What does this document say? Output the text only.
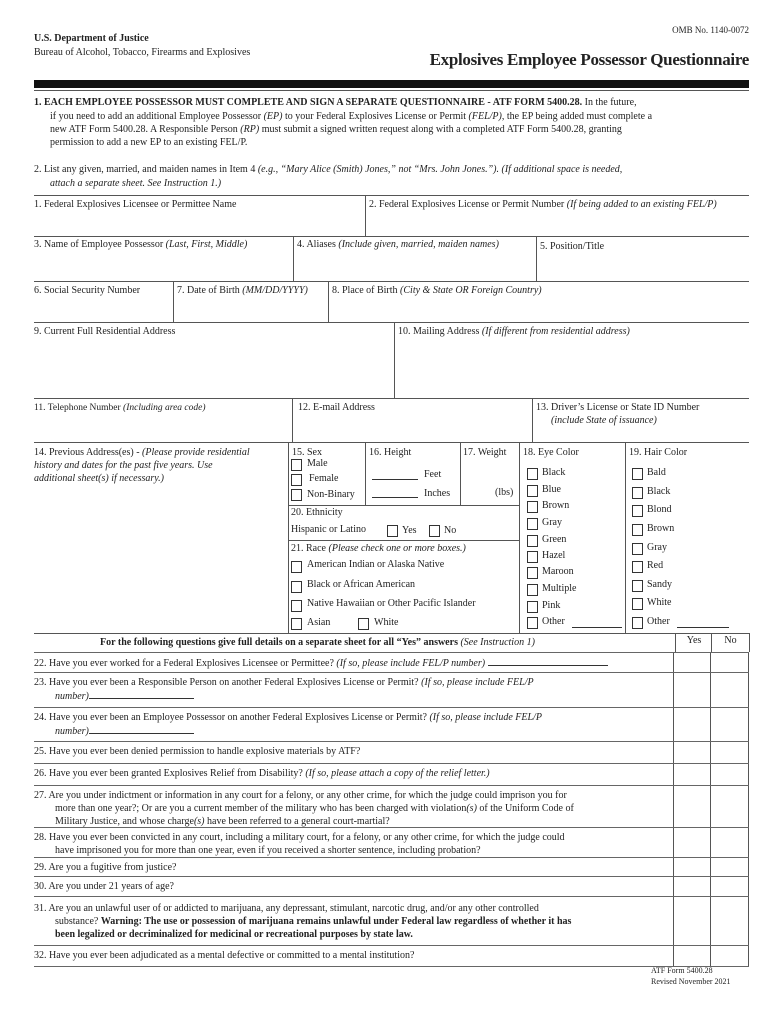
OMB No. 1140-0072
U.S. Department of Justice
Bureau of Alcohol, Tobacco, Firearms and Explosives	Explosives Employee Possessor Questionnaire
1. EACH EMPLOYEE POSSESSOR MUST COMPLETE AND SIGN A SEPARATE QUESTIONNAIRE - ATF FORM 5400.28. In the future,
if you need to add an additional Employee Possessor (EP) to your Federal Explosives License or Permit (FEL/P), the EP being added must complete a
new ATF Form 5400.28. A Responsible Person (RP) must submit a signed written request along with a completed ATF Form 5400.28, granting
permission to add a new EP to an existing FEL/P.
2. List any given, married, and maiden names in Item 4 (e.g., “Mary Alice (Smith) Jones,” not “Mrs. John Jones.”). (If additional space is needed,
attach a separate sheet. See Instruction 1.)
1. Federal Explosives Licensee or Permittee Name	2. Federal Explosives License or Permit Number (If being added to an existing FEL/P)
3. Name of Employee Possessor (Last, First, Middle)	4. Aliases (Include given, married, maiden names)	5. Position/Title
6. Social Security Number	7. Date of Birth (MM/DD/YYYY) 8. Place of Birth (City & State OR Foreign Country)
9. Current Full Residential Address	10. Mailing Address (If different from residential address)
11. Telephone Number (Including area code)	12. E-mail Address	13. Driver’s License or State ID Number
(include State of issuance)
14. Previous Address(es) - (Please provide residential
history and dates for the past five years. Use
additional sheet(s) if necessary.)
15. Sex
Male
Female
Non-Binary
16. Height
Feet
Inches
17. Weight
(lbs)
20. Ethnicity
Hispanic or Latino	Yes	No
21. Race (Please check one or more boxes.)
American Indian or Alaska Native
Black or African American
Native Hawaiian or Other Pacific Islander
Asian	White
18. Eye Color
Black
Blue
Brown
Gray
Green
Hazel
Maroon
Multiple
Pink
Other
19. Hair Color
Bald
Black
Blond
Brown
Gray
Red
Sandy
White
Other
For the following questions give full details on a separate sheet for all “Yes” answers (See Instruction 1)	Yes	No
22. Have you ever worked for a Federal Explosives Licensee or Permittee? (If so, please include FEL/P number)
23. Have you ever been a Responsible Person on another Federal Explosives License or Permit? (If so, please include FEL/P
number)
24. Have you ever been an Employee Possessor on another Federal Explosives License or Permit? (If so, please include FEL/P
number)
25. Have you ever been denied permission to handle explosive materials by ATF?
26. Have you ever been granted Explosives Relief from Disability? (If so, please attach a copy of the relief letter.)
27. Are you under indictment or information in any court for a felony, or any other crime, for which the judge could imprison you for
more than one year?; Or are you a current member of the military who has been charged with violation(s) of the Uniform Code of
Military Justice, and whose charge(s) have been referred to a general court-martial?
28. Have you ever been convicted in any court, including a military court, for a felony, or any other crime, for which the judge could
have imprisoned you for more than one year, even if you received a shorter sentence, including probation?
29. Are you a fugitive from justice?
30. Are you under 21 years of age?
31. Are you an unlawful user of or addicted to marijuana, any depressant, stimulant, narcotic drug, and/or any other controlled
substance? Warning: The use or possession of marijuana remains unlawful under Federal law regardless of whether it has
been legalized or decriminalized for medicinal or recreational purposes by state law.
32. Have you ever been adjudicated as a mental defective or committed to a mental institution?
ATF Form 5400.28
Revised November 2021
